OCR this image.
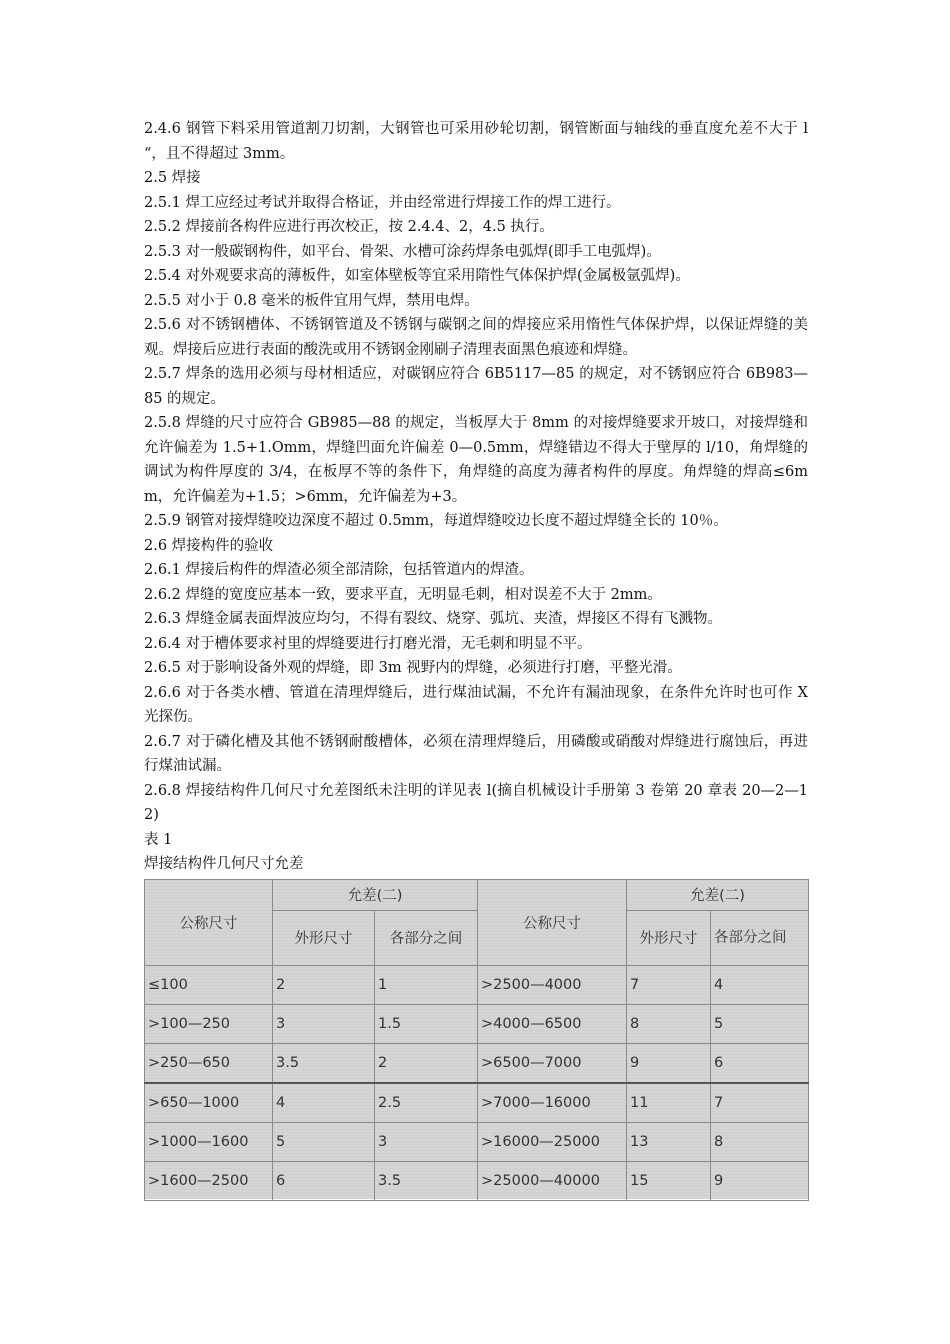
2.4.6 钢管下料采用管道割刀切割，大钢管也可采用砂轮切割，钢管断面与轴线的垂直度允差不大于 l “，且不得超过 3mm。

2.5 焊接

2.5.1 焊工应经过考试并取得合格证，并由经常进行焊接工作的焊工进行。

2.5.2 焊接前各构件应进行再次校正，按 2.4.4、2，4.5 执行。

2.5.3 对一般碳钢构件，如平台、骨架、水槽可涂药焊条电弧焊(即手工电弧焊)。

2.5.4 对外观要求高的薄板件，如室体壁板等宜采用隋性气体保护焊(金属极氩弧焊)。

2.5.5 对小于 0.8 毫米的板件宜用气焊，禁用电焊。

2.5.6 对不锈钢槽体、不锈钢管道及不锈钢与碳钢之间的焊接应采用惰性气体保护焊，以保证焊缝的美观。焊接后应进行表面的酸洗或用不锈钢金刚刷子清理表面黑色痕迹和焊缝。

2.5.7 焊条的选用必须与母材相适应，对碳钢应符合 6B5117—85 的规定，对不锈钢应符合 6B983—85 的规定。

2.5.8 焊缝的尺寸应符合 GB985—88 的规定，当板厚大于 8mm 的对接焊缝要求开坡口，对接焊缝和允许偏差为 1.5+1.Omm，焊缝凹面允许偏差 0—0.5mm，焊缝错边不得大于壁厚的 l/10，角焊缝的调试为构件厚度的 3/4，在板厚不等的条件下，角焊缝的高度为薄者构件的厚度。角焊缝的焊高≤6mm，允许偏差为+1.5；>6mm，允许偏差为+3。

2.5.9 钢管对接焊缝咬边深度不超过 0.5mm，每道焊缝咬边长度不超过焊缝全长的 10％。

2.6 焊接构件的验收

2.6.1 焊接后构件的焊渣必须全部清除，包括管道内的焊渣。

2.6.2 焊缝的宽度应基本一致，要求平直，无明显毛刺，相对误差不大于 2mm。

2.6.3 焊缝金属表面焊波应均匀，不得有裂纹、烧穿、弧坑、夹渣，焊接区不得有飞溅物。

2.6.4 对于槽体要求衬里的焊缝要进行打磨光滑，无毛刺和明显不平。

2.6.5 对于影响设备外观的焊缝，即 3m 视野内的焊缝，必须进行打磨，平整光滑。

2.6.6 对于各类水槽、管道在清理焊缝后，进行煤油试漏，不允许有漏油现象，在条件允许时也可作 X 光探伤。

2.6.7 对于磷化槽及其他不锈钢耐酸槽体，必须在清理焊缝后，用磷酸或硝酸对焊缝进行腐蚀后，再进行煤油试漏。

2.6.8 焊接结构件几何尺寸允差图纸未注明的详见表 l(摘自机械设计手册第 3 卷第 20 章表 20—2—12)

表 1

焊接结构件几何尺寸允差

公称尺寸	允差(二)		公称尺寸	允差(二)	
	外形尺寸	各部分之间		外形尺寸	各部分之间
≤100	2	1	>2500—4000	7	4
>100—250	3	1.5	>4000—6500	8	5
>250—650	3.5	2	>6500—7000	9	6
>650—1000	4	2.5	>7000—16000	11	7
>1000—1600	5	3	>16000—25000	13	8
>1600—2500	6	3.5	>25000—40000	15	9
